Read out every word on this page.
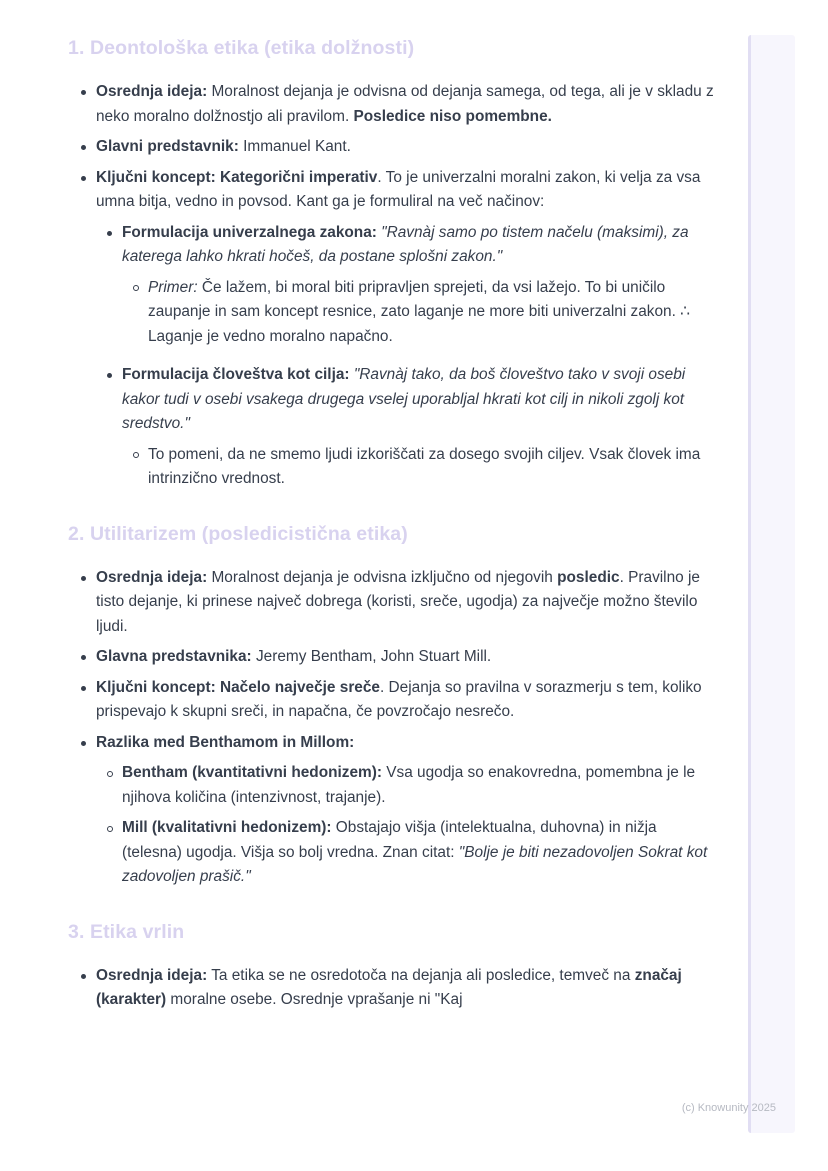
1. Deontološka etika (etika dolžnosti)
Osrednja ideja: Moralnost dejanja je odvisna od dejanja samega, od tega, ali je v skladu z neko moralno dolžnostjo ali pravilom. Posledice niso pomembne.
Glavni predstavnik: Immanuel Kant.
Ključni koncept: Kategorični imperativ. To je univerzalni moralni zakon, ki velja za vsa umna bitja, vedno in povsod. Kant ga je formuliral na več načinov:
Formulacija univerzalnega zakona: "Ravnàj samo po tistem načelu (maksimi), za katerega lahko hkrati hočeš, da postane splošni zakon."
Primer: Če lažem, bi moral biti pripravljen sprejeti, da vsi lažejo. To bi uničilo zaupanje in sam koncept resnice, zato laganje ne more biti univerzalni zakon. ∴ Laganje je vedno moralno napačno.
Formulacija človeštva kot cilja: "Ravnàj tako, da boš človeštvo tako v svoji osebi kakor tudi v osebi vsakega drugega vselej uporabljal hkrati kot cilj in nikoli zgolj kot sredstvo."
To pomeni, da ne smemo ljudi izkoriščati za dosego svojih ciljev. Vsak človek ima intrinzično vrednost.
2. Utilitarizem (posledicistična etika)
Osrednja ideja: Moralnost dejanja je odvisna izključno od njegovih posledic. Pravilno je tisto dejanje, ki prinese največ dobrega (koristi, sreče, ugodja) za največje možno število ljudi.
Glavna predstavnika: Jeremy Bentham, John Stuart Mill.
Ključni koncept: Načelo največje sreče. Dejanja so pravilna v sorazmerju s tem, koliko prispevajo k skupni sreči, in napačna, če povzročajo nesrečo.
Razlika med Benthamom in Millom:
Bentham (kvantitativni hedonizem): Vsa ugodja so enakovredna, pomembna je le njihova količina (intenzivnost, trajanje).
Mill (kvalitativni hedonizem): Obstajajo višja (intelektualna, duhovna) in nižja (telesna) ugodja. Višja so bolj vredna. Znan citat: "Bolje je biti nezadovoljen Sokrat kot zadovoljen prašič."
3. Etika vrlin
Osrednja ideja: Ta etika se ne osredotoča na dejanja ali posledice, temveč na značaj (karakter) moralne osebe. Osrednje vprašanje ni "Kaj
(c) Knowunity 2025
